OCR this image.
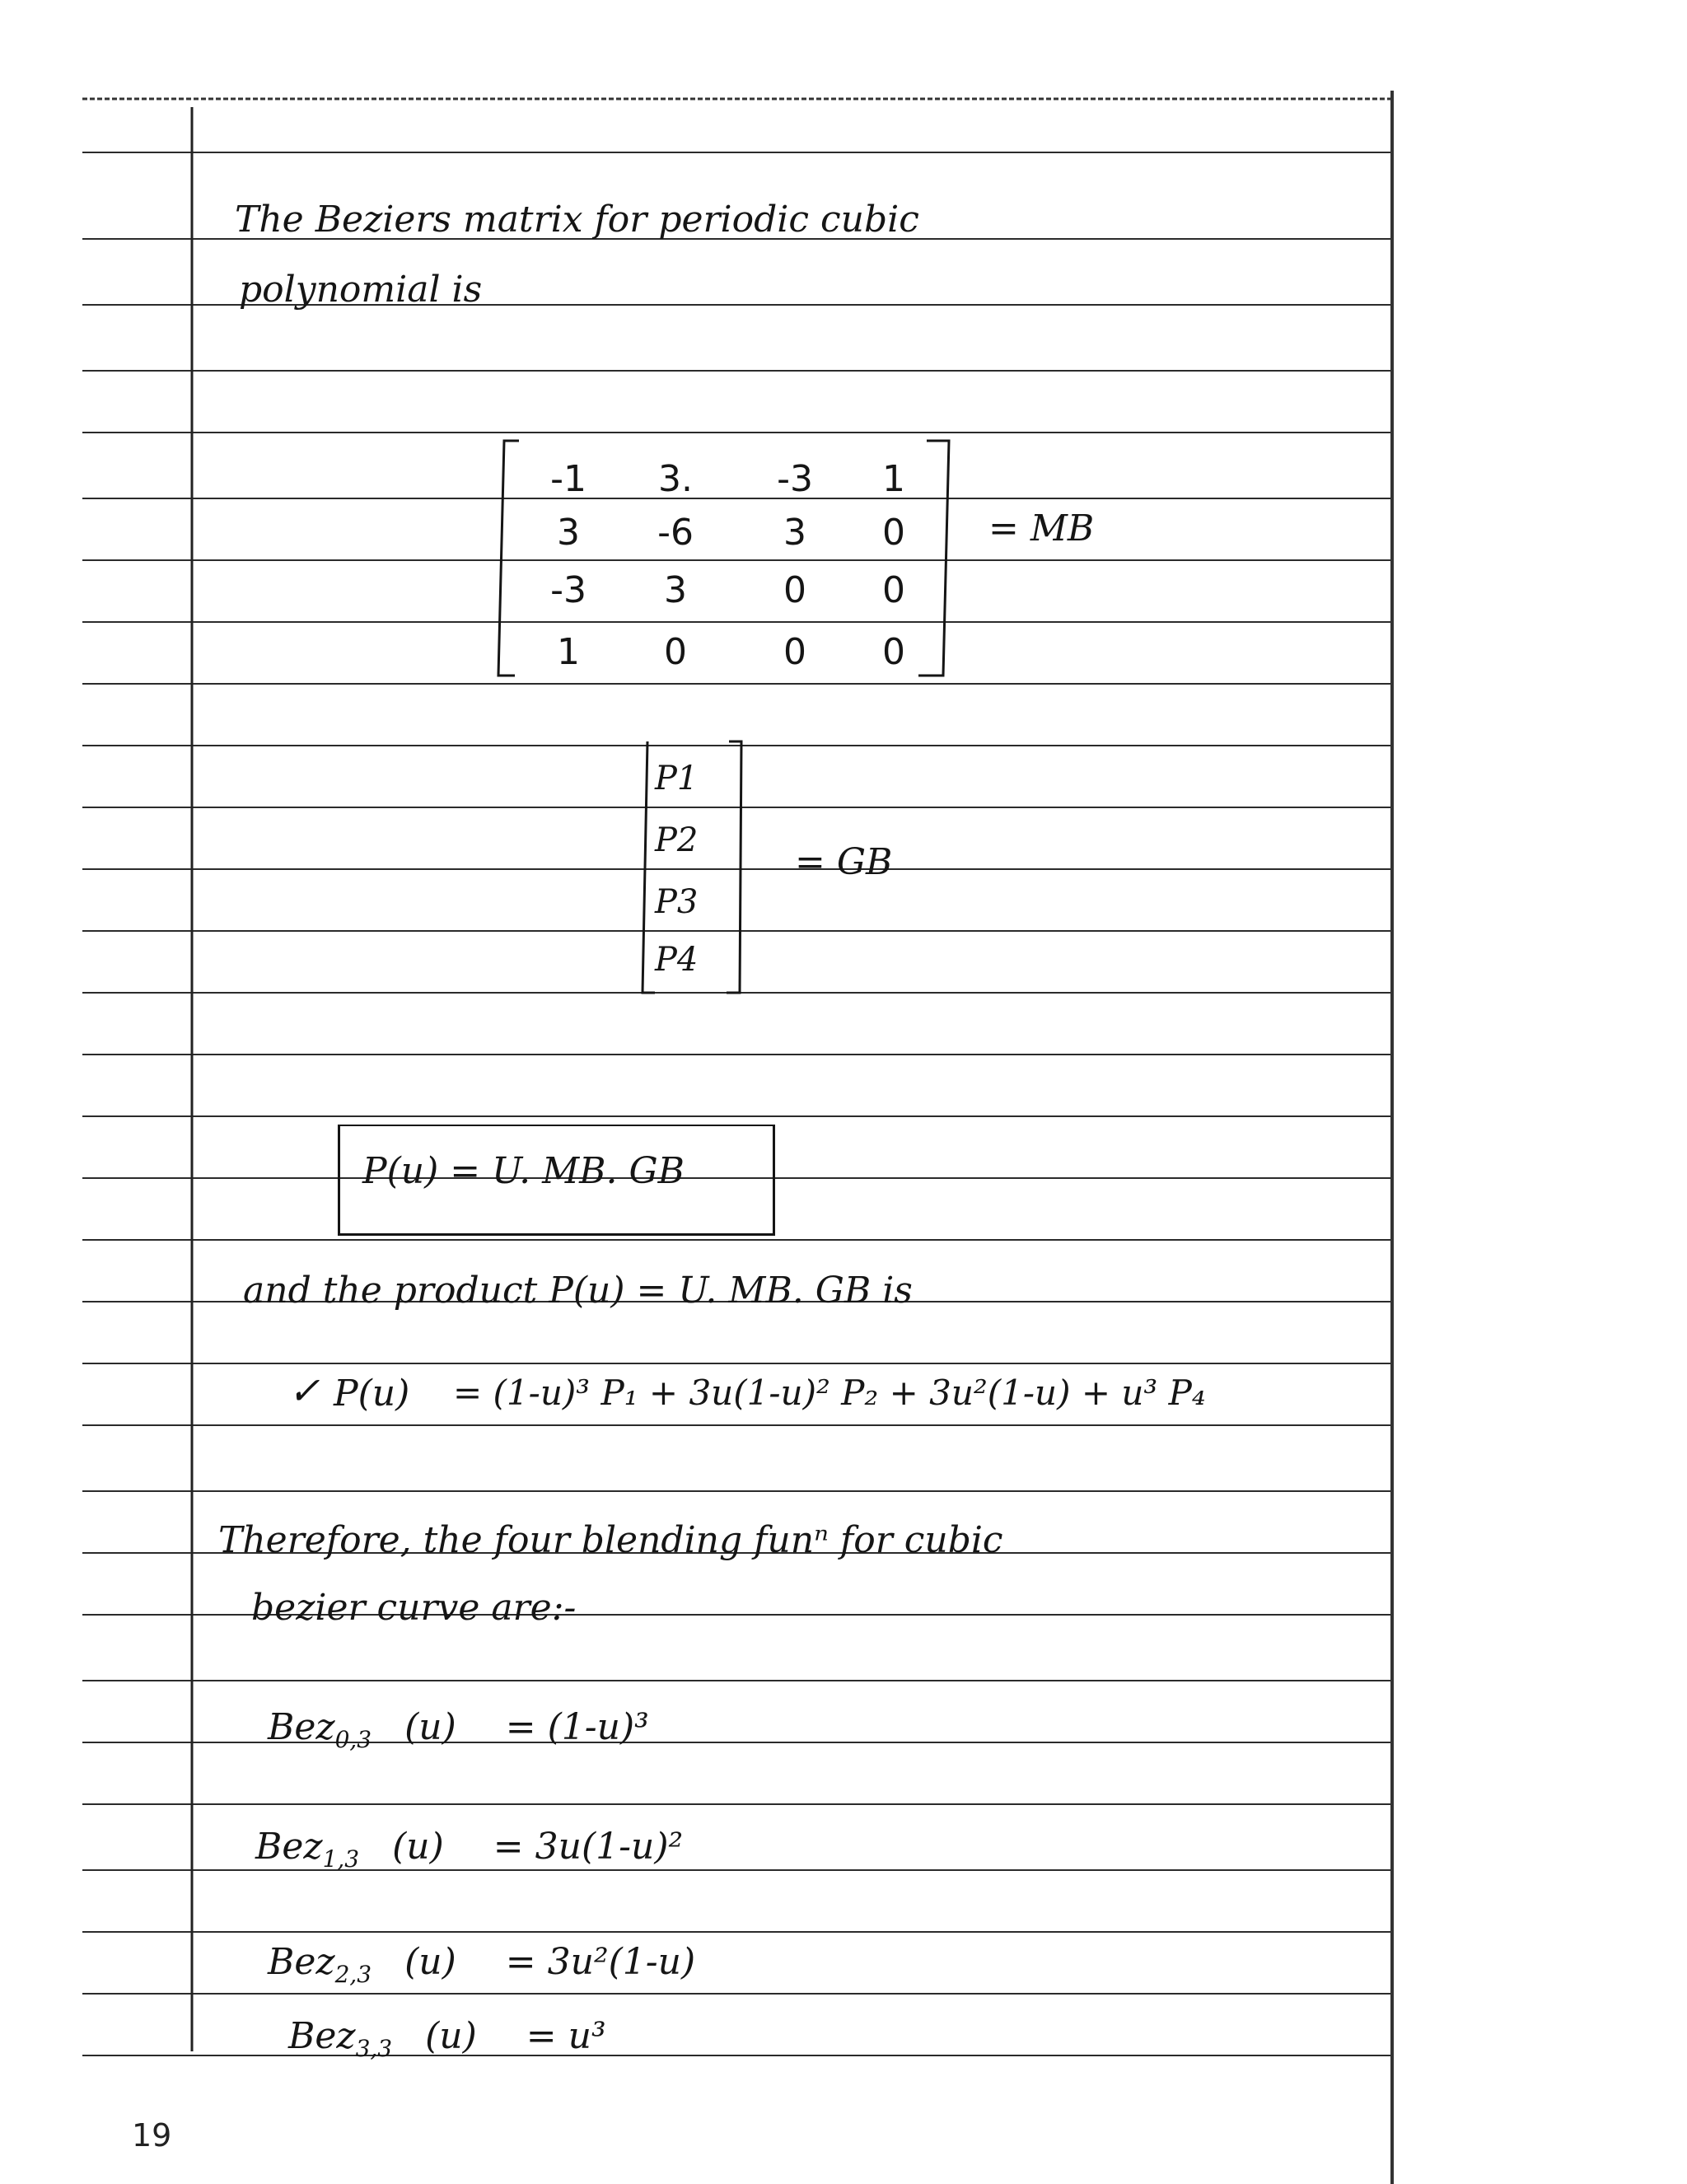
The Beziers matrix for periodic cubic
polynomial is
-1	3.	-3	1
3	-6	3	0
-3	3	0	0
1	0	0	0
= MB
P1
P2
P3
P4
= GB
P(u) = U. MB. GB
and the product P(u) = U. MB. GB is
✓ P(u) = (1-u)³ P₁ + 3u(1-u)² P₂ + 3u²(1-u) + u³ P₄
Therefore, the four blending funⁿ for cubic
bezier curve are:-
Bez$_{0,3}$ (u) = (1-u)³
Bez$_{1,3}$ (u) = 3u(1-u)²
Bez$_{2,3}$ (u) = 3u²(1-u)
Bez$_{3,3}$ (u) = u³
19
